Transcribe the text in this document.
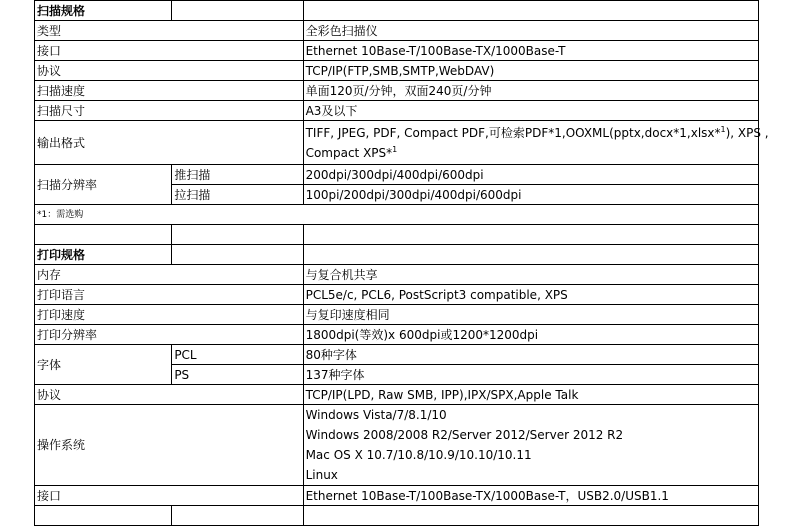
扫描规格		
类型		全彩色扫描仪
接口		Ethernet 10Base-T/100Base-TX/1000Base-T
协议		TCP/IP(FTP,SMB,SMTP,WebDAV)
扫描速度		单面120页/分钟，双面240页/分钟
扫描尺寸		A3及以下
输出格式		TIFF, JPEG, PDF, Compact PDF,可检索PDF*1,OOXML(pptx,docx*1,xlsx*$^1$), XPS ,
Compact XPS*$^1$

扫描分辨率	推扫描	200dpi/300dpi/400dpi/600dpi
	拉扫描	100pi/200dpi/300dpi/400dpi/600dpi
*1：需选购		

打印规格		
内存		与复合机共享
打印语言		PCL5e/c, PCL6, PostScript3 compatible, XPS
打印速度		与复印速度相同
打印分辨率		1800dpi(等效)x 600dpi或1200*1200dpi
字体	PCL	80种字体
	PS	137种字体
协议		TCP/IP(LPD, Raw SMB, IPP),IPX/SPX,Apple Talk
操作系统		Windows Vista/7/8.1/10
Windows 2008/2008 R2/Server 2012/Server 2012 R2
Mac OS X 10.7/10.8/10.9/10.10/10.11
Linux

接口		Ethernet 10Base-T/100Base-TX/1000Base-T，USB2.0/USB1.1
